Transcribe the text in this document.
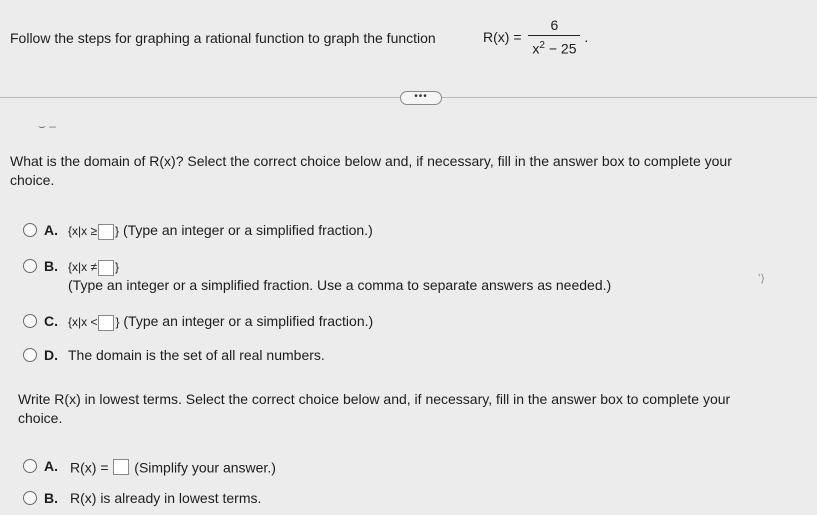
Follow the steps for graphing a rational function to graph the function	$R(x) = \frac{6}{x^2 - 25}$ .
•••
⌣ –
What is the domain of R(x)? Select the correct choice below and, if necessary, fill in the answer box to complete your
choice.
A. {x|x ≥ } (Type an integer or a simplified fraction.)
B. {x|x ≠ }
(Type an integer or a simplified fraction. Use a comma to separate answers as needed.)
C. {x|x < } (Type an integer or a simplified fraction.)
D. The domain is the set of all real numbers.
ʼ⟩
Write R(x) in lowest terms. Select the correct choice below and, if necessary, fill in the answer box to complete your
choice.
A. R(x) = (Simplify your answer.)
B. R(x) is already in lowest terms.
